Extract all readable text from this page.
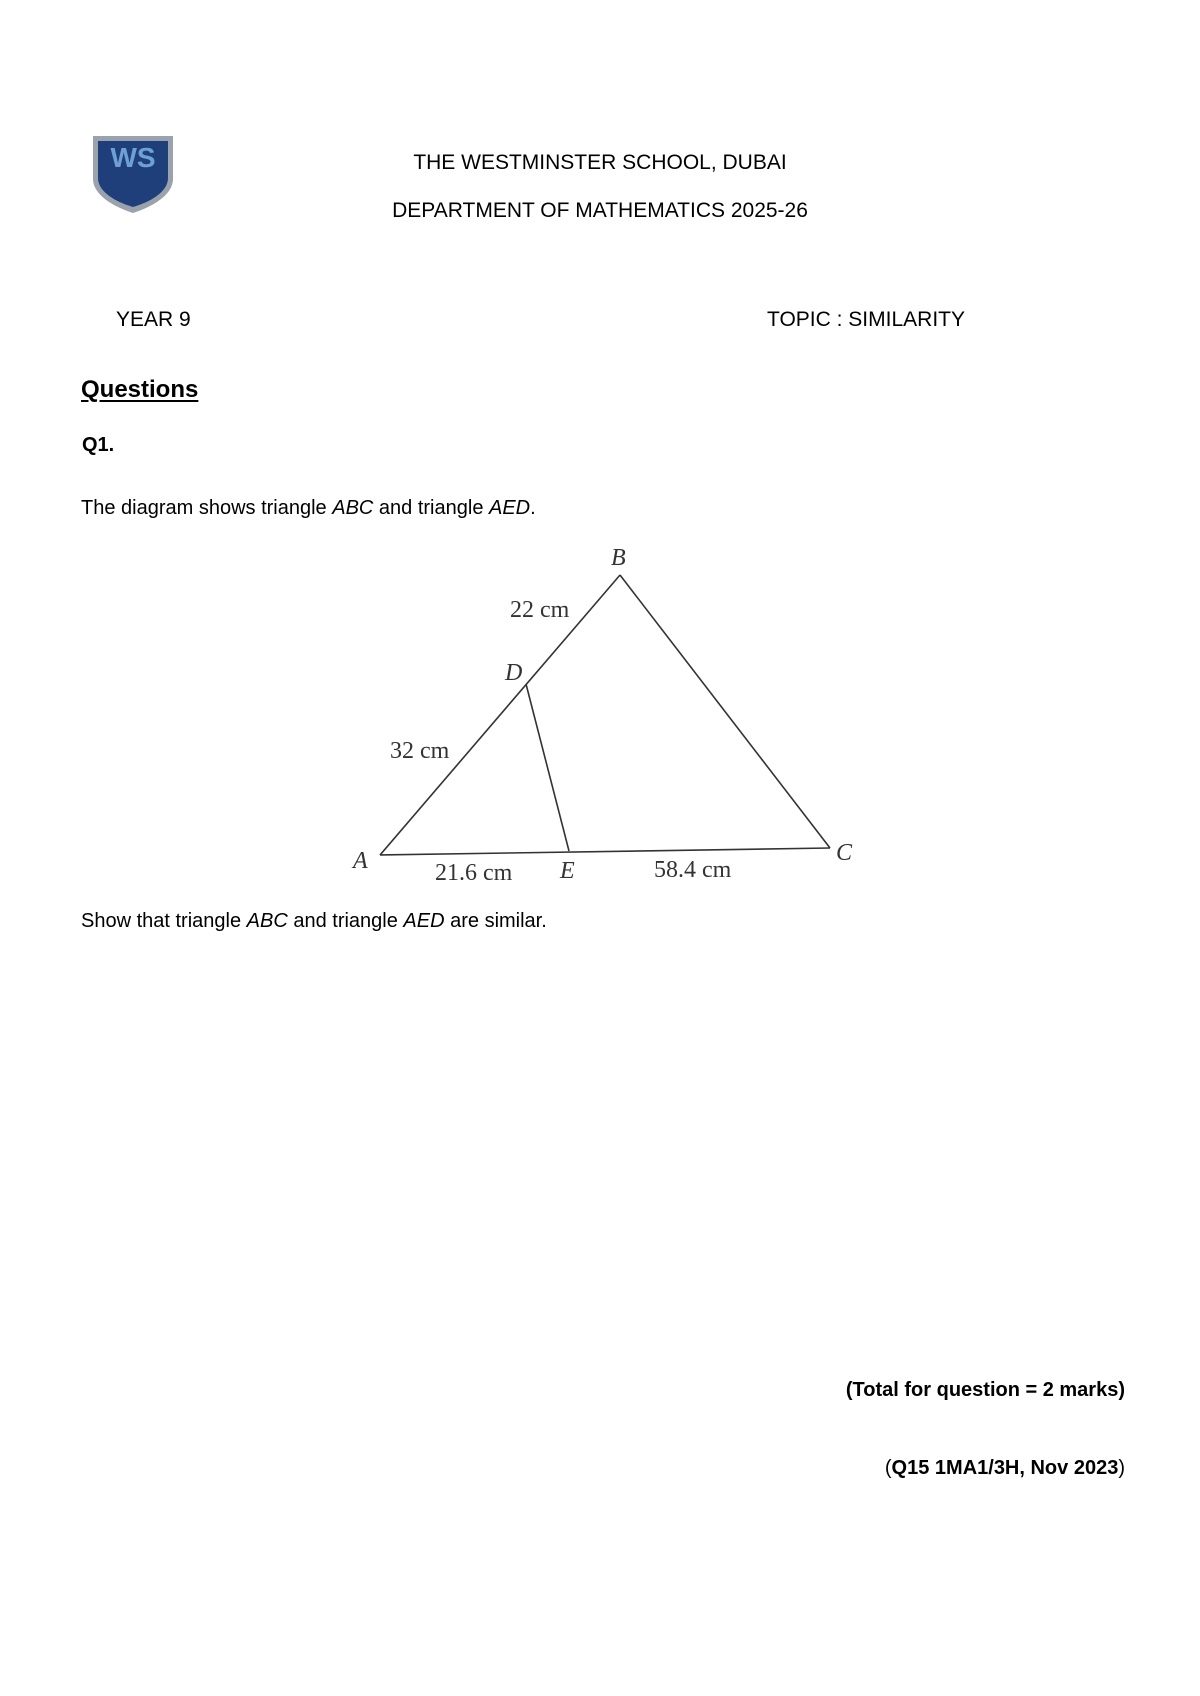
WS	THE WESTMINSTER SCHOOL, DUBAI
DEPARTMENT OF MATHEMATICS 2025-26
YEAR 9	TOPIC : SIMILARITY
Questions
Q1.
The diagram shows triangle ABC and triangle AED.
B
D
A	E
C
22 cm
32 cm
21.6 cm	58.4 cm
Show that triangle ABC and triangle AED are similar.
(Total for question = 2 marks)
(Q15 1MA1/3H, Nov 2023)
